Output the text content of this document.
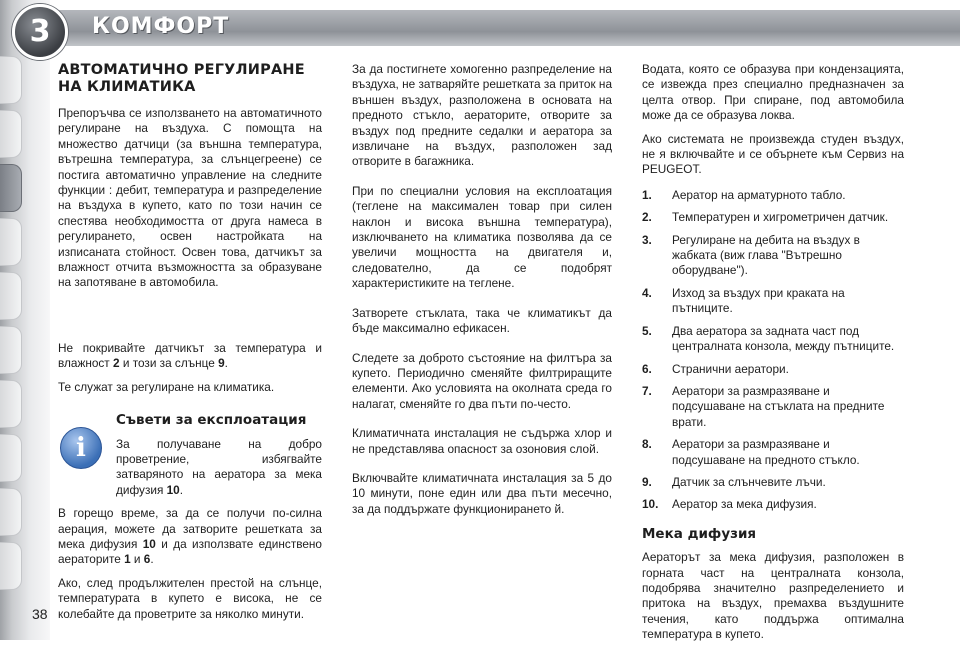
3	КОМФОРТ
АВТОМАТИЧНО РЕГУЛИРАНЕ НА КЛИМАТИКА

Препоръчва се използването на автоматичното регулиране на въздуха. С помощта на множество датчици (за външна температура, вътрешна температура, за слънцегреене) се постига автоматично управление на следните функции : дебит, температура и разпределение на въздуха в купето, като по този начин се спестява необходимостта от друга намеса в регулирането, освен настройката на изписаната стойност. Освен това, датчикът за влажност отчита възможността за образуване на запотяване в автомобила.

Не покривайте датчикът за температура и влажност 2 и този за слънце 9.

Те служат за регулиране на климатика.

i
Съвети за експлоатация

За получаване на добро проветрение, избягвайте затваряното на аератора за мека дифузия 10.

В горещо време, за да се получи по-силна аерация, можете да затворите решетката за мека дифузия 10 и да използвате единствено аераторите 1 и 6.

Ако, след продължителен престой на слънце, температурата в купето е висока, не се колебайте да проветрите за няколко минути.

За да постигнете хомогенно разпределение на въздуха, не затваряйте решетката за приток на външен въздух, разположена в основата на предното стъкло, аераторите, отворите за въздух под предните седалки и аератора за извличане на въздух, разположен зад отворите в багажника.

При по специални условия на експлоатация (теглене на максимален товар при силен наклон и висока външна температура), изключването на климатика позволява да се увеличи мощността на двигателя и, следователно, да се подобрят характеристиките на теглене.

Затворете стъклата, така че климатикът да бъде максимално ефикасен.

Следете за доброто състояние на филтъра за купето. Периодично сменяйте филтриращите елементи. Ако условията на околната среда го налагат, сменяйте го два пъти по-често.

Климатичната инсталация не съдържа хлор и не представлява опасност за озоновия слой.

Включвайте климатичната инсталация за 5 до 10 минути, поне един или два пъти месечно, за да поддържате функционирането й.

Водата, която се образува при кондензацията, се извежда през специално предназначен за целта отвор. При спиране, под автомобила може да се образува локва.

Ако системата не произвежда студен въздух, не я включвайте и се обърнете към Сервиз на PEUGEOT.

1. Аератор на арматурното табло.
2. Температурен и хигрометричен датчик.
3. Регулиране на дебита на въздух в жабката (виж глава "Вътрешно оборудване").
4. Изход за въздух при краката на пътниците.
5. Два аератора за задната част под централната конзола, между пътниците.
6. Странични аератори.
7. Аератори за размразяване и подсушаване на стъклата на предните врати.
8. Аератори за размразяване и подсушаване на предното стъкло.
9. Датчик за слънчевите лъчи.
10. Аератор за мека дифузия.
Мека дифузия

Аераторът за мека дифузия, разположен в горната част на централната конзола, подобрява значително разпределението и притока на въздух, премахва въздушните течения, като поддържа оптимална температура в купето.

38
